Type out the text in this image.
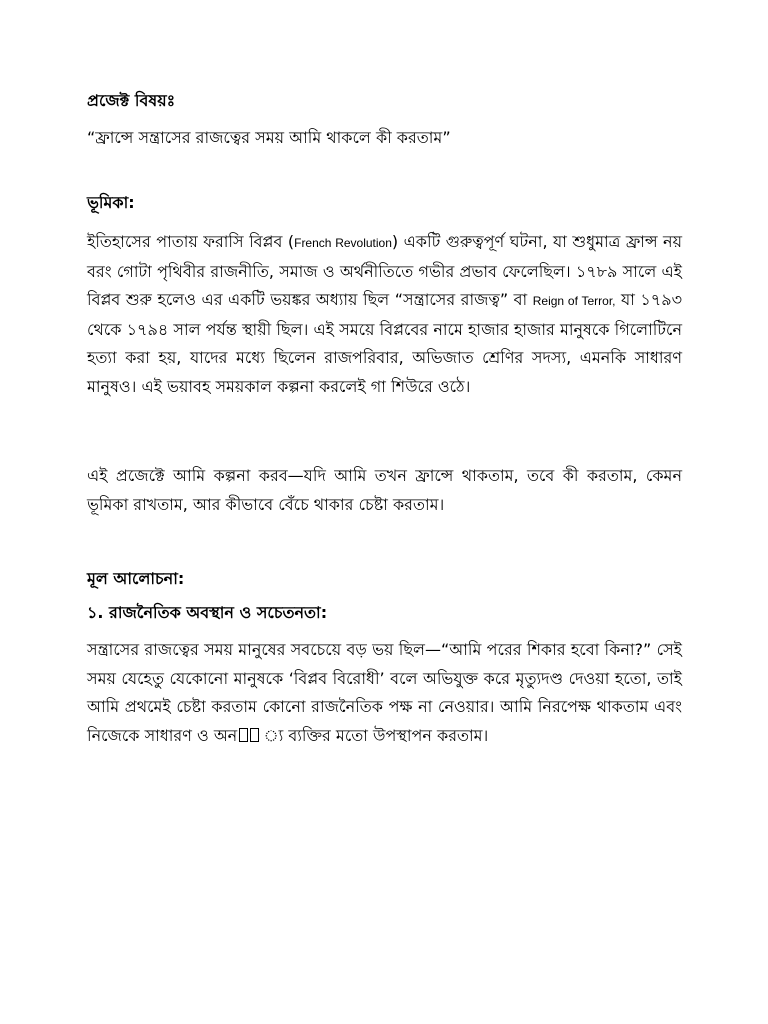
প্রজেক্ট বিষয়ঃ

“ফ্রান্সে সন্ত্রাসের রাজত্বের সময় আমি থাকলে কী করতাম”

ভূমিকা:

ইতিহাসের পাতায় ফরাসি বিপ্লব (French Revolution) একটি গুরুত্বপূর্ণ ঘটনা, যা শুধুমাত্র ফ্রান্স নয় বরং গোটা পৃথিবীর রাজনীতি, সমাজ ও অর্থনীতিতে গভীর প্রভাব ফেলেছিল। ১৭৮৯ সালে এই বিপ্লব শুরু হলেও এর একটি ভয়ঙ্কর অধ্যায় ছিল “সন্ত্রাসের রাজত্ব” বা Reign of Terror, যা ১৭৯৩ থেকে ১৭৯৪ সাল পর্যন্ত স্থায়ী ছিল। এই সময়ে বিপ্লবের নামে হাজার হাজার মানুষকে গিলোটিনে হত্যা করা হয়, যাদের মধ্যে ছিলেন রাজপরিবার, অভিজাত শ্রেণির সদস্য, এমনকি সাধারণ মানুষও। এই ভয়াবহ সময়কাল কল্পনা করলেই গা শিউরে ওঠে।

এই প্রজেক্টে আমি কল্পনা করব—যদি আমি তখন ফ্রান্সে থাকতাম, তবে কী করতাম, কেমন ভূমিকা রাখতাম, আর কীভাবে বেঁচে থাকার চেষ্টা করতাম।

মূল আলোচনা:

১. রাজনৈতিক অবস্থান ও সচেতনতা:

সন্ত্রাসের রাজত্বের সময় মানুষের সবচেয়ে বড় ভয় ছিল—“আমি পরের শিকার হবো কিনা?” সেই সময় যেহেতু যেকোনো মানুষকে ‘বিপ্লব বিরোধী’ বলে অভিযুক্ত করে মৃত্যুদণ্ড দেওয়া হতো, তাই আমি প্রথমেই চেষ্টা করতাম কোনো রাজনৈতিক পক্ষ না নেওয়ার। আমি নিরপেক্ষ থাকতাম এবং নিজেকে সাধারণ ও অন	্য ব্যক্তির মতো উপস্থাপন করতাম।
